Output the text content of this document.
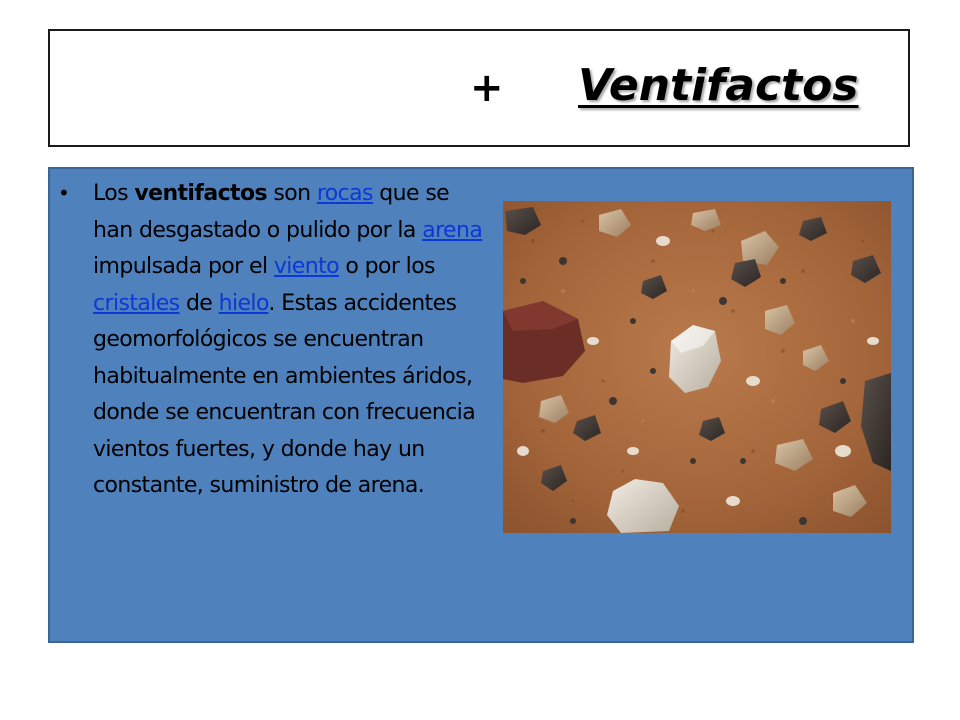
+ Ventifactos
• Los ventifactos son rocas que se han desgastado o pulido por la arena impulsada por el viento o por los cristales de hielo. Estas accidentes geomorfológicos se encuentran habitualmente en ambientes áridos, donde se encuentran con frecuencia vientos fuertes, y donde hay un constante, suministro de arena.
